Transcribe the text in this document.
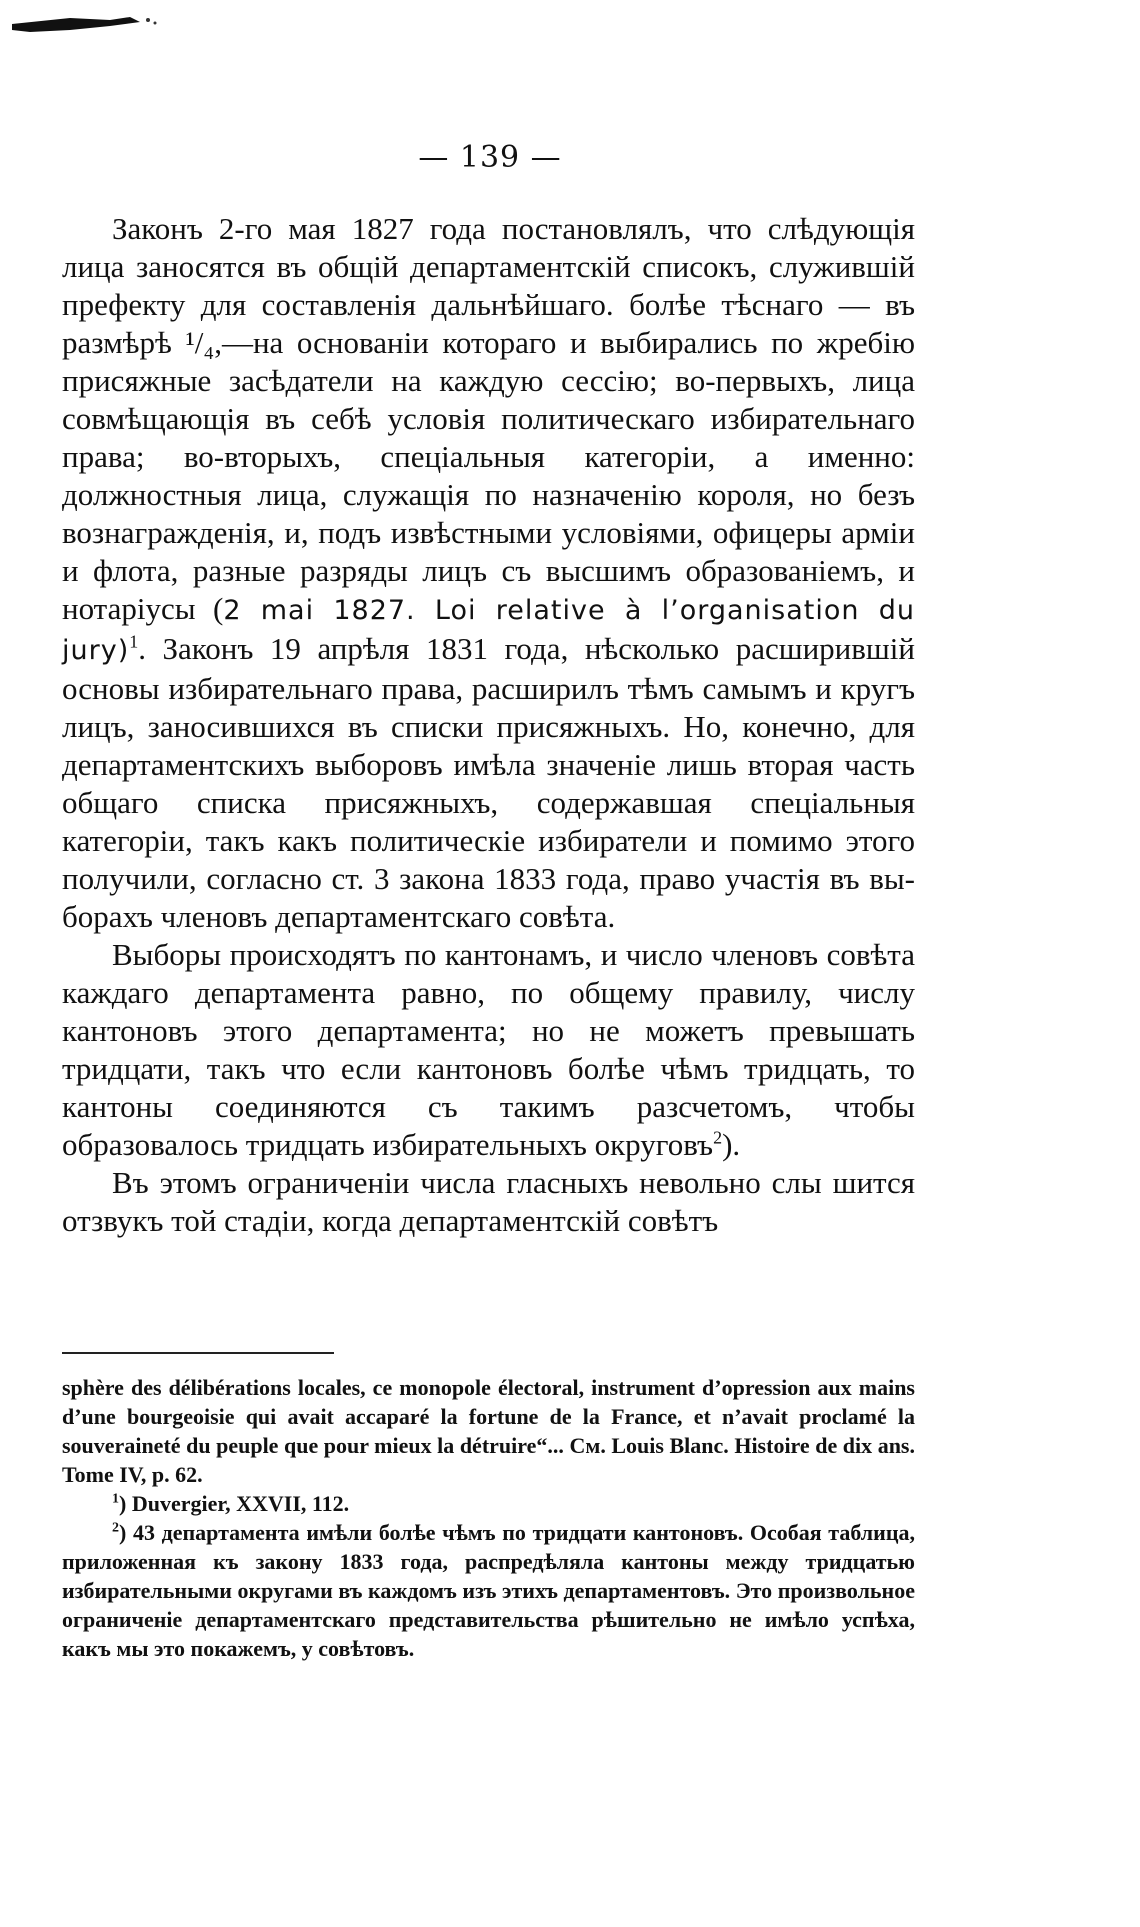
— 139 —

Законъ 2-го мая 1827 года постановлялъ, что слѣдующія лица заносятся въ общій департаментскій списокъ, служившій префекту для составленія дальнѣйшаго. болѣе тѣснаго — въ размѣрѣ ¹/₄,—на основаніи котораго и выбирались по жребію присяжные засѣдатели на каждую сессію; во-первыхъ, лица совмѣщающія въ себѣ условія политическаго избирательнаго права; во-вторыхъ, спеціальныя категоріи, а именно: должностныя лица, служащія по назначенію короля, но безъ вознагражденія, и, подъ извѣстными условіями, офицеры арміи и флота, разные разряды лицъ съ высшимъ образованіемъ, и нотаріусы (2 mai 1827. Loi relative à l’organisation du jury)$^1$. Законъ 19 апрѣля 1831 года, нѣсколько расширившій основы избирательнаго права, расширилъ тѣмъ самымъ и кругъ лицъ, заносившихся въ списки присяжныхъ. Но, конечно, для департаментскихъ выборовъ имѣла значеніе лишь вторая часть общаго списка присяжныхъ, содержавшая спеціальныя категоріи, такъ какъ политическіе избиратели и помимо этого получили, согласно ст. 3 закона 1833 года, право участія въ выборахъ членовъ департаментскаго совѣта.

Выборы происходятъ по кантонамъ, и число членовъ совѣта каждаго департамента равно, по общему правилу, числу кантоновъ этого департамента; но не можетъ превышать тридцати, такъ что если кантоновъ болѣе чѣмъ тридцать, то кантоны соединяются съ такимъ разсчетомъ, чтобы образовалось тридцать избирательныхъ округовъ$^2$).

Въ этомъ ограниченіи числа гласныхъ невольно слы шится отзвукъ той стадіи, когда департаментскій совѣтъ

sphère des délibérations locales, ce monopole électoral, instrument d’opression aux mains d’une bourgeoisie qui avait accaparé la fortune de la France, et n’avait proclamé la souveraineté du peuple que pour mieux la détruire“... См. Louis Blanc. Histoire de dix ans. Tome IV, p. 62.

$^1$) Duvergier, XXVII, 112.

$^2$) 43 департамента имѣли болѣе чѣмъ по тридцати кантоновъ. Особая таблица, приложенная къ закону 1833 года, распредѣляла кантоны между тридцатью избирательными округами въ каждомъ изъ этихъ департаментовъ. Это произвольное ограниченіе департаментскаго представительства рѣшительно не имѣло успѣха, какъ мы это покажемъ, у совѣтовъ.
